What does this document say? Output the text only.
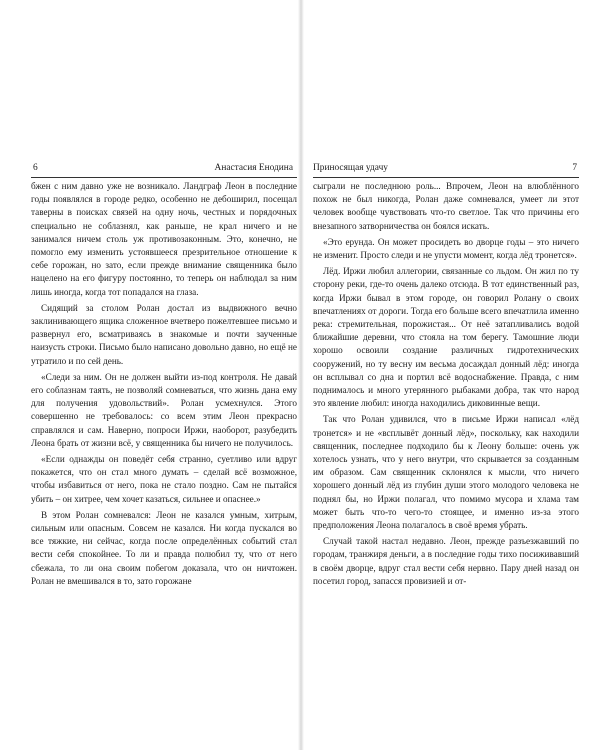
6	Анастасия Енодина

бжен с ним давно уже не возникало. Ландграф Леон в последние годы появлялся в городе редко, особенно не дебоширил, посещал таверны в поисках связей на одну ночь, честных и порядочных специально не соблазнял, как раньше, не крал ничего и не занимался ничем столь уж противозаконным. Это, конечно, не помогло ему изменить устоявшееся презрительное отношение к себе горожан, но зато, если прежде внимание священника было нацелено на его фигуру постоянно, то теперь он наблюдал за ним лишь иногда, когда тот попадался на глаза.

Сидящий за столом Ролан достал из выдвижного вечно заклинивающего ящика сложенное вчетверо пожелтевшее письмо и развернул его, всматриваясь в знакомые и почти заученные наизусть строки. Письмо было написано довольно давно, но ещё не утратило и по сей день.

«Следи за ним. Он не должен выйти из-под контроля. Не давай его соблазнам таять, не позволяй сомневаться, что жизнь дана ему для получения удовольствий». Ролан усмехнулся. Этого совершенно не требовалось: со всем этим Леон прекрасно справлялся и сам. Наверно, попроси Иржи, наоборот, разубедить Леона брать от жизни всё, у священника бы ничего не получилось.

«Если однажды он поведёт себя странно, суетливо или вдруг покажется, что он стал много думать – сделай всё возможное, чтобы избавиться от него, пока не стало поздно. Сам не пытайся убить – он хитрее, чем хочет казаться, сильнее и опаснее.»

В этом Ролан сомневался: Леон не казался умным, хитрым, сильным или опасным. Совсем не казался. Ни когда пускался во все тяжкие, ни сейчас, когда после определённых событий стал вести себя спокойнее. То ли и правда полюбил ту, что от него сбежала, то ли она своим побегом доказала, что он ничтожен. Ролан не вмешивался в то, зато горожане

Приносящая удачу	7

сыграли не последнюю роль... Впрочем, Леон на влюблённого похож не был никогда, Ролан даже сомневался, умеет ли этот человек вообще чувствовать что-то светлое. Так что причины его внезапного затворничества он боялся искать.

«Это ерунда. Он может просидеть во дворце годы – это ничего не изменит. Просто следи и не упусти момент, когда лёд тронется».

Лёд. Иржи любил аллегории, связанные со льдом. Он жил по ту сторону реки, где-то очень далеко отсюда. В тот единственный раз, когда Иржи бывал в этом городе, он говорил Ролану о своих впечатлениях от дороги. Тогда его больше всего впечатлила именно река: стремительная, порожистая... От неё затапливались водой ближайшие деревни, что стояла на том берегу. Тамошние люди хорошо освоили создание различных гидротехнических сооружений, но ту весну им весьма досаждал донный лёд: иногда он всплывал со дна и портил всё водоснабжение. Правда, с ним поднималось и много утерянного рыбаками добра, так что народ это явление любил: иногда находились диковинные вещи.

Так что Ролан удивился, что в письме Иржи написал «лёд тронется» и не «всплывёт донный лёд», поскольку, как находили священник, последнее подходило бы к Леону больше: очень уж хотелось узнать, что у него внутри, что скрывается за созданным им образом. Сам священник склонялся к мысли, что ничего хорошего донный лёд из глубин души этого молодого человека не поднял бы, но Иржи полагал, что помимо мусора и хлама там может быть что-то чего-то стоящее, и именно из-за этого предположения Леона полагалось в своё время убрать.

Случай такой настал недавно. Леон, прежде разъезжавший по городам, транжиря деньги, а в последние годы тихо посиживавший в своём дворце, вдруг стал вести себя нервно. Пару дней назад он посетил город, запасся провизией и от-
